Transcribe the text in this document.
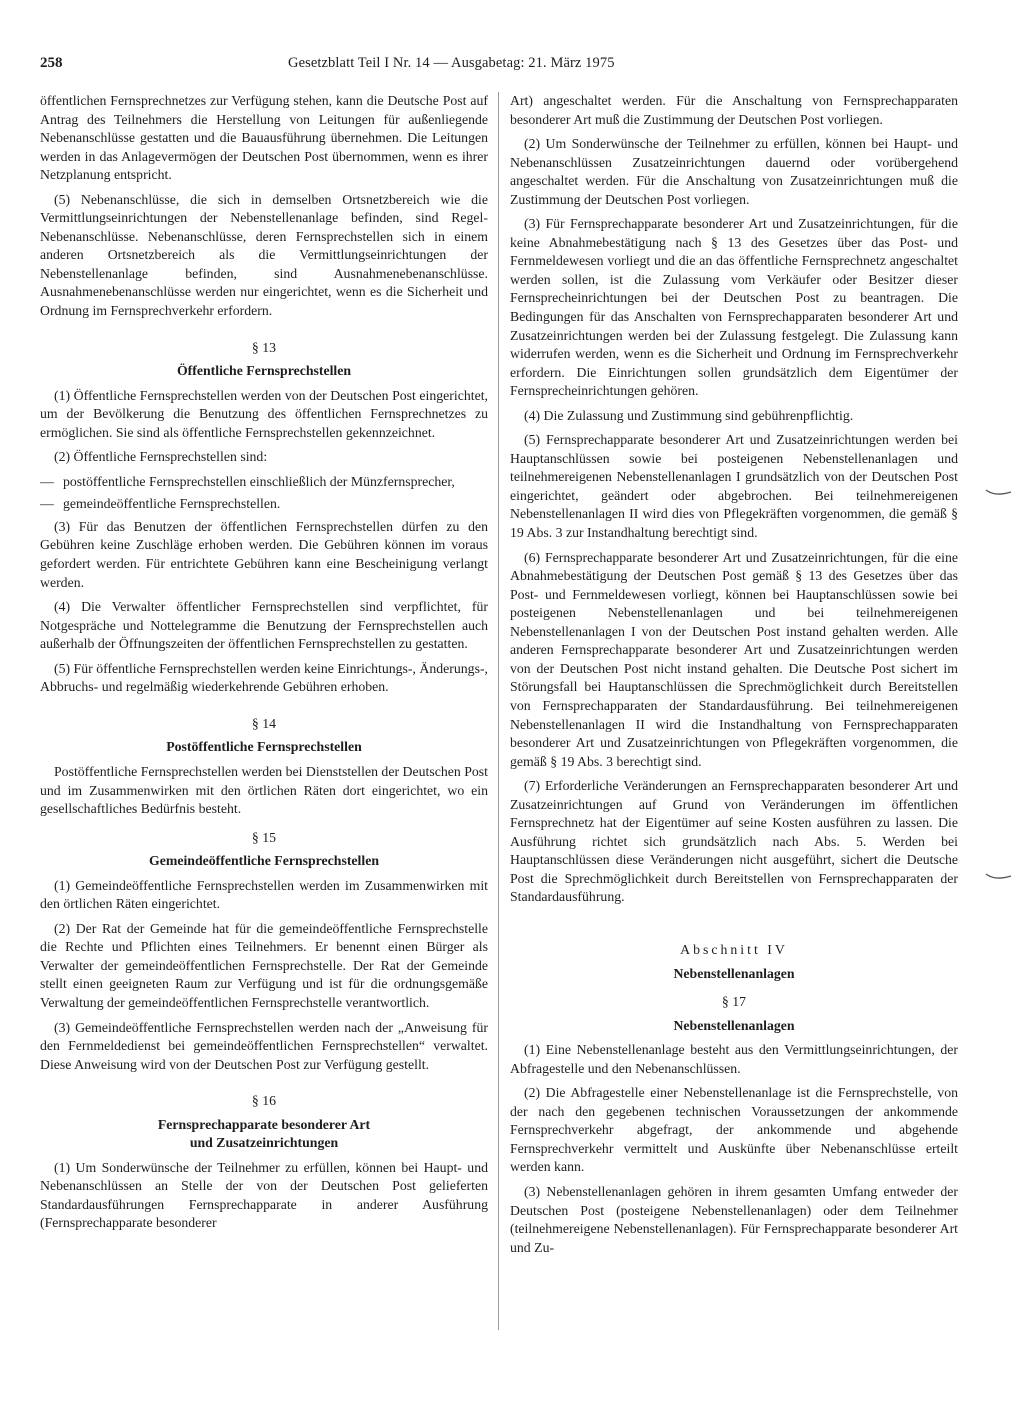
258	Gesetzblatt Teil I Nr. 14 — Ausgabetag: 21. März 1975

öffentlichen Fernsprechnetzes zur Verfügung stehen, kann die Deutsche Post auf Antrag des Teilnehmers die Herstellung von Leitungen für außenliegende Nebenanschlüsse gestatten und die Bauausführung übernehmen. Die Leitungen werden in das Anlagevermögen der Deutschen Post übernommen, wenn es ihrer Netzplanung entspricht.

(5) Nebenanschlüsse, die sich in demselben Ortsnetzbereich wie die Vermittlungseinrichtungen der Nebenstellenanlage befinden, sind Regel-Nebenanschlüsse. Nebenanschlüsse, deren Fernsprechstellen sich in einem anderen Ortsnetzbereich als die Vermittlungseinrichtungen der Nebenstellenanlage befinden, sind Ausnahmenebenanschlüsse. Ausnahmenebenanschlüsse werden nur eingerichtet, wenn es die Sicherheit und Ordnung im Fernsprechverkehr erfordern.

§ 13

Öffentliche Fernsprechstellen

(1) Öffentliche Fernsprechstellen werden von der Deutschen Post eingerichtet, um der Bevölkerung die Benutzung des öffentlichen Fernsprechnetzes zu ermöglichen. Sie sind als öffentliche Fernsprechstellen gekennzeichnet.

(2) Öffentliche Fernsprechstellen sind:

— postöffentliche Fernsprechstellen einschließlich der Münzfernsprecher,
— gemeindeöffentliche Fernsprechstellen.

(3) Für das Benutzen der öffentlichen Fernsprechstellen dürfen zu den Gebühren keine Zuschläge erhoben werden. Die Gebühren können im voraus gefordert werden. Für entrichtete Gebühren kann eine Bescheinigung verlangt werden.

(4) Die Verwalter öffentlicher Fernsprechstellen sind verpflichtet, für Notgespräche und Nottelegramme die Benutzung der Fernsprechstellen auch außerhalb der Öffnungszeiten der öffentlichen Fernsprechstellen zu gestatten.

(5) Für öffentliche Fernsprechstellen werden keine Einrichtungs-, Änderungs-, Abbruchs- und regelmäßig wiederkehrende Gebühren erhoben.

§ 14

Postöffentliche Fernsprechstellen

Postöffentliche Fernsprechstellen werden bei Dienststellen der Deutschen Post und im Zusammenwirken mit den örtlichen Räten dort eingerichtet, wo ein gesellschaftliches Bedürfnis besteht.

§ 15

Gemeindeöffentliche Fernsprechstellen

(1) Gemeindeöffentliche Fernsprechstellen werden im Zusammenwirken mit den örtlichen Räten eingerichtet.

(2) Der Rat der Gemeinde hat für die gemeindeöffentliche Fernsprechstelle die Rechte und Pflichten eines Teilnehmers. Er benennt einen Bürger als Verwalter der gemeindeöffentlichen Fernsprechstelle. Der Rat der Gemeinde stellt einen geeigneten Raum zur Verfügung und ist für die ordnungsgemäße Verwaltung der gemeindeöffentlichen Fernsprechstelle verantwortlich.

(3) Gemeindeöffentliche Fernsprechstellen werden nach der „Anweisung für den Fernmeldedienst bei gemeindeöffentlichen Fernsprechstellen“ verwaltet. Diese Anweisung wird von der Deutschen Post zur Verfügung gestellt.

§ 16

Fernsprechapparate besonderer Art

und Zusatzeinrichtungen

(1) Um Sonderwünsche der Teilnehmer zu erfüllen, können bei Haupt- und Nebenanschlüssen an Stelle der von der Deutschen Post gelieferten Standardausführungen Fernsprechapparate in anderer Ausführung (Fernsprechapparate besonderer

Art) angeschaltet werden. Für die Anschaltung von Fernsprechapparaten besonderer Art muß die Zustimmung der Deutschen Post vorliegen.

(2) Um Sonderwünsche der Teilnehmer zu erfüllen, können bei Haupt- und Nebenanschlüssen Zusatzeinrichtungen dauernd oder vorübergehend angeschaltet werden. Für die Anschaltung von Zusatzeinrichtungen muß die Zustimmung der Deutschen Post vorliegen.

(3) Für Fernsprechapparate besonderer Art und Zusatzeinrichtungen, für die keine Abnahmebestätigung nach § 13 des Gesetzes über das Post- und Fernmeldewesen vorliegt und die an das öffentliche Fernsprechnetz angeschaltet werden sollen, ist die Zulassung vom Verkäufer oder Besitzer dieser Fernsprecheinrichtungen bei der Deutschen Post zu beantragen. Die Bedingungen für das Anschalten von Fernsprechapparaten besonderer Art und Zusatzeinrichtungen werden bei der Zulassung festgelegt. Die Zulassung kann widerrufen werden, wenn es die Sicherheit und Ordnung im Fernsprechverkehr erfordern. Die Einrichtungen sollen grundsätzlich dem Eigentümer der Fernsprecheinrichtungen gehören.

(4) Die Zulassung und Zustimmung sind gebührenpflichtig.

(5) Fernsprechapparate besonderer Art und Zusatzeinrichtungen werden bei Hauptanschlüssen sowie bei posteigenen Nebenstellenanlagen und teilnehmereigenen Nebenstellenanlagen I grundsätzlich von der Deutschen Post eingerichtet, geändert oder abgebrochen. Bei teilnehmereigenen Nebenstellenanlagen II wird dies von Pflegekräften vorgenommen, die gemäß § 19 Abs. 3 zur Instandhaltung berechtigt sind.

(6) Fernsprechapparate besonderer Art und Zusatzeinrichtungen, für die eine Abnahmebestätigung der Deutschen Post gemäß § 13 des Gesetzes über das Post- und Fernmeldewesen vorliegt, können bei Hauptanschlüssen sowie bei posteigenen Nebenstellenanlagen und bei teilnehmereigenen Nebenstellenanlagen I von der Deutschen Post instand gehalten werden. Alle anderen Fernsprechapparate besonderer Art und Zusatzeinrichtungen werden von der Deutschen Post nicht instand gehalten. Die Deutsche Post sichert im Störungsfall bei Hauptanschlüssen die Sprechmöglichkeit durch Bereitstellen von Fernsprechapparaten der Standardausführung. Bei teilnehmereigenen Nebenstellenanlagen II wird die Instandhaltung von Fernsprechapparaten besonderer Art und Zusatzeinrichtungen von Pflegekräften vorgenommen, die gemäß § 19 Abs. 3 berechtigt sind.

(7) Erforderliche Veränderungen an Fernsprechapparaten besonderer Art und Zusatzeinrichtungen auf Grund von Veränderungen im öffentlichen Fernsprechnetz hat der Eigentümer auf seine Kosten ausführen zu lassen. Die Ausführung richtet sich grundsätzlich nach Abs. 5. Werden bei Hauptanschlüssen diese Veränderungen nicht ausgeführt, sichert die Deutsche Post die Sprechmöglichkeit durch Bereitstellen von Fernsprechapparaten der Standardausführung.

Abschnitt IV

Nebenstellenanlagen

§ 17

Nebenstellenanlagen

(1) Eine Nebenstellenanlage besteht aus den Vermittlungseinrichtungen, der Abfragestelle und den Nebenanschlüssen.

(2) Die Abfragestelle einer Nebenstellenanlage ist die Fernsprechstelle, von der nach den gegebenen technischen Voraussetzungen der ankommende Fernsprechverkehr abgefragt, der ankommende und abgehende Fernsprechverkehr vermittelt und Auskünfte über Nebenanschlüsse erteilt werden kann.

(3) Nebenstellenanlagen gehören in ihrem gesamten Umfang entweder der Deutschen Post (posteigene Nebenstellenanlagen) oder dem Teilnehmer (teilnehmereigene Nebenstellenanlagen). Für Fernsprechapparate besonderer Art und Zu-
